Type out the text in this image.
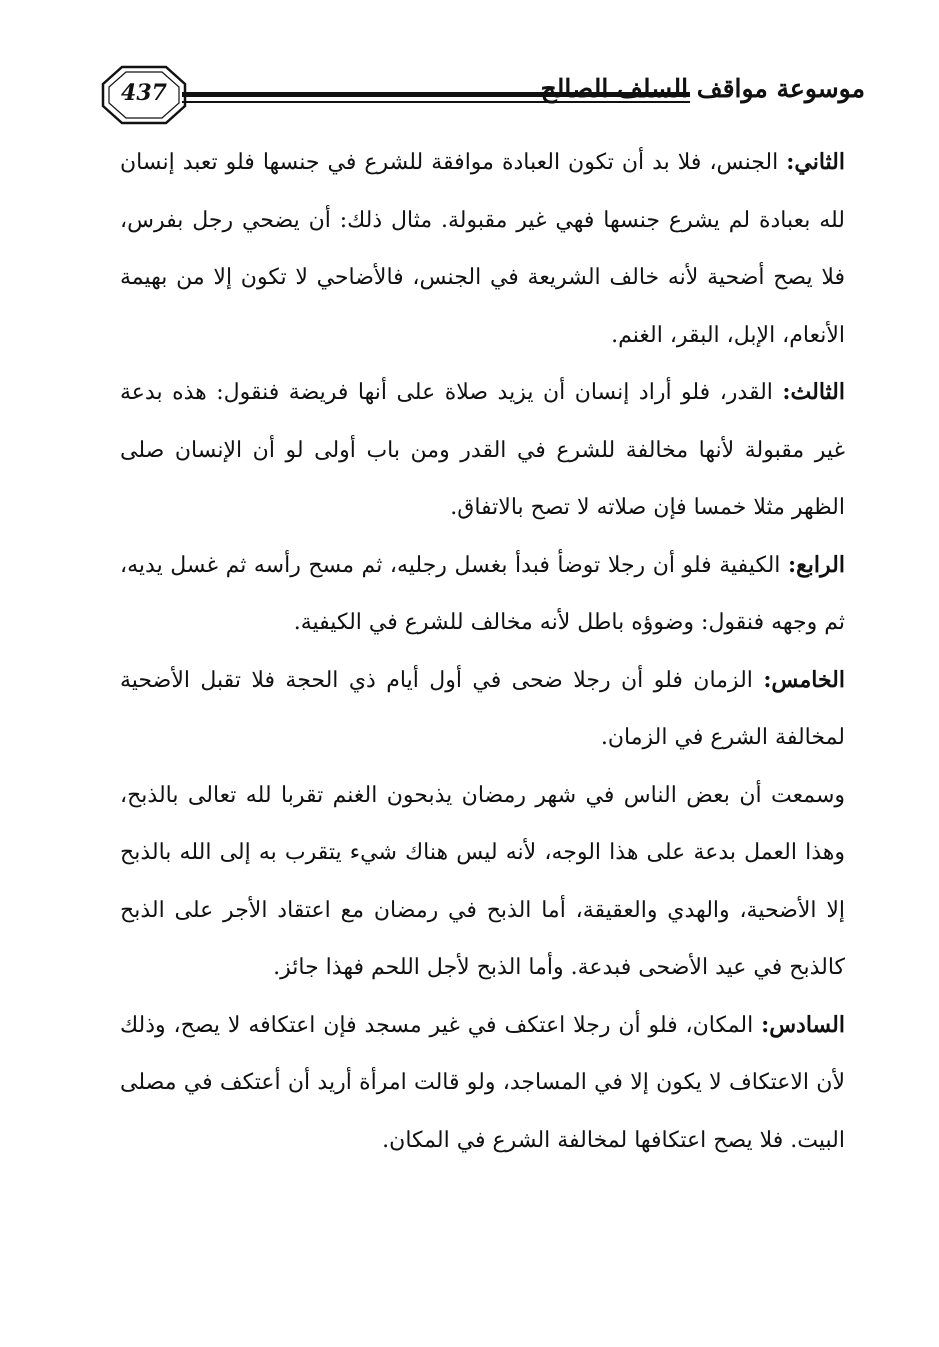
437	موسوعة مواقف السلف الصالح

الثاني: الجنس، فلا بد أن تكون العبادة موافقة للشرع في جنسها فلو تعبد إنسان لله بعبادة لم يشرع جنسها فهي غير مقبولة. مثال ذلك: أن يضحي رجل بفرس، فلا يصح أضحية لأنه خالف الشريعة في الجنس، فالأضاحي لا تكون إلا من بهيمة الأنعام، الإبل، البقر، الغنم.

الثالث: القدر، فلو أراد إنسان أن يزيد صلاة على أنها فريضة فنقول: هذه بدعة غير مقبولة لأنها مخالفة للشرع في القدر ومن باب أولى لو أن الإنسان صلى الظهر مثلا خمسا فإن صلاته لا تصح بالاتفاق.

الرابع: الكيفية فلو أن رجلا توضأ فبدأ بغسل رجليه، ثم مسح رأسه ثم غسل يديه، ثم وجهه فنقول: وضوؤه باطل لأنه مخالف للشرع في الكيفية.

الخامس: الزمان فلو أن رجلا ضحى في أول أيام ذي الحجة فلا تقبل الأضحية لمخالفة الشرع في الزمان.

وسمعت أن بعض الناس في شهر رمضان يذبحون الغنم تقربا لله تعالى بالذبح، وهذا العمل بدعة على هذا الوجه، لأنه ليس هناك شيء يتقرب به إلى الله بالذبح إلا الأضحية، والهدي والعقيقة، أما الذبح في رمضان مع اعتقاد الأجر على الذبح كالذبح في عيد الأضحى فبدعة. وأما الذبح لأجل اللحم فهذا جائز.

السادس: المكان، فلو أن رجلا اعتكف في غير مسجد فإن اعتكافه لا يصح، وذلك لأن الاعتكاف لا يكون إلا في المساجد، ولو قالت امرأة أريد أن أعتكف في مصلى البيت. فلا يصح اعتكافها لمخالفة الشرع في المكان.
